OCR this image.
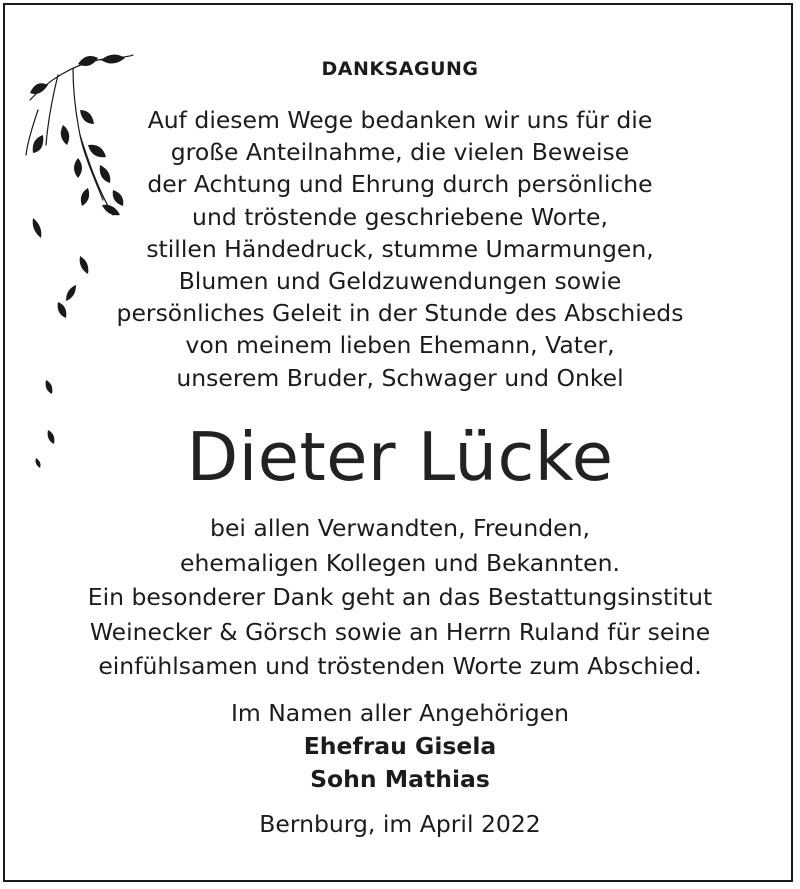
DANKSAGUNG
Auf diesem Wege bedanken wir uns für die
große Anteilnahme, die vielen Beweise
der Achtung und Ehrung durch persönliche
und tröstende geschriebene Worte,
stillen Händedruck, stumme Umarmungen,
Blumen und Geldzuwendungen sowie
persönliches Geleit in der Stunde des Abschieds
von meinem lieben Ehemann, Vater,
unserem Bruder, Schwager und Onkel
Dieter Lücke
bei allen Verwandten, Freunden,
ehemaligen Kollegen und Bekannten.
Ein besonderer Dank geht an das Bestattungsinstitut
Weinecker & Görsch sowie an Herrn Ruland für seine
einfühlsamen und tröstenden Worte zum Abschied.
Im Namen aller Angehörigen
Ehefrau Gisela
Sohn Mathias
Bernburg, im April 2022
